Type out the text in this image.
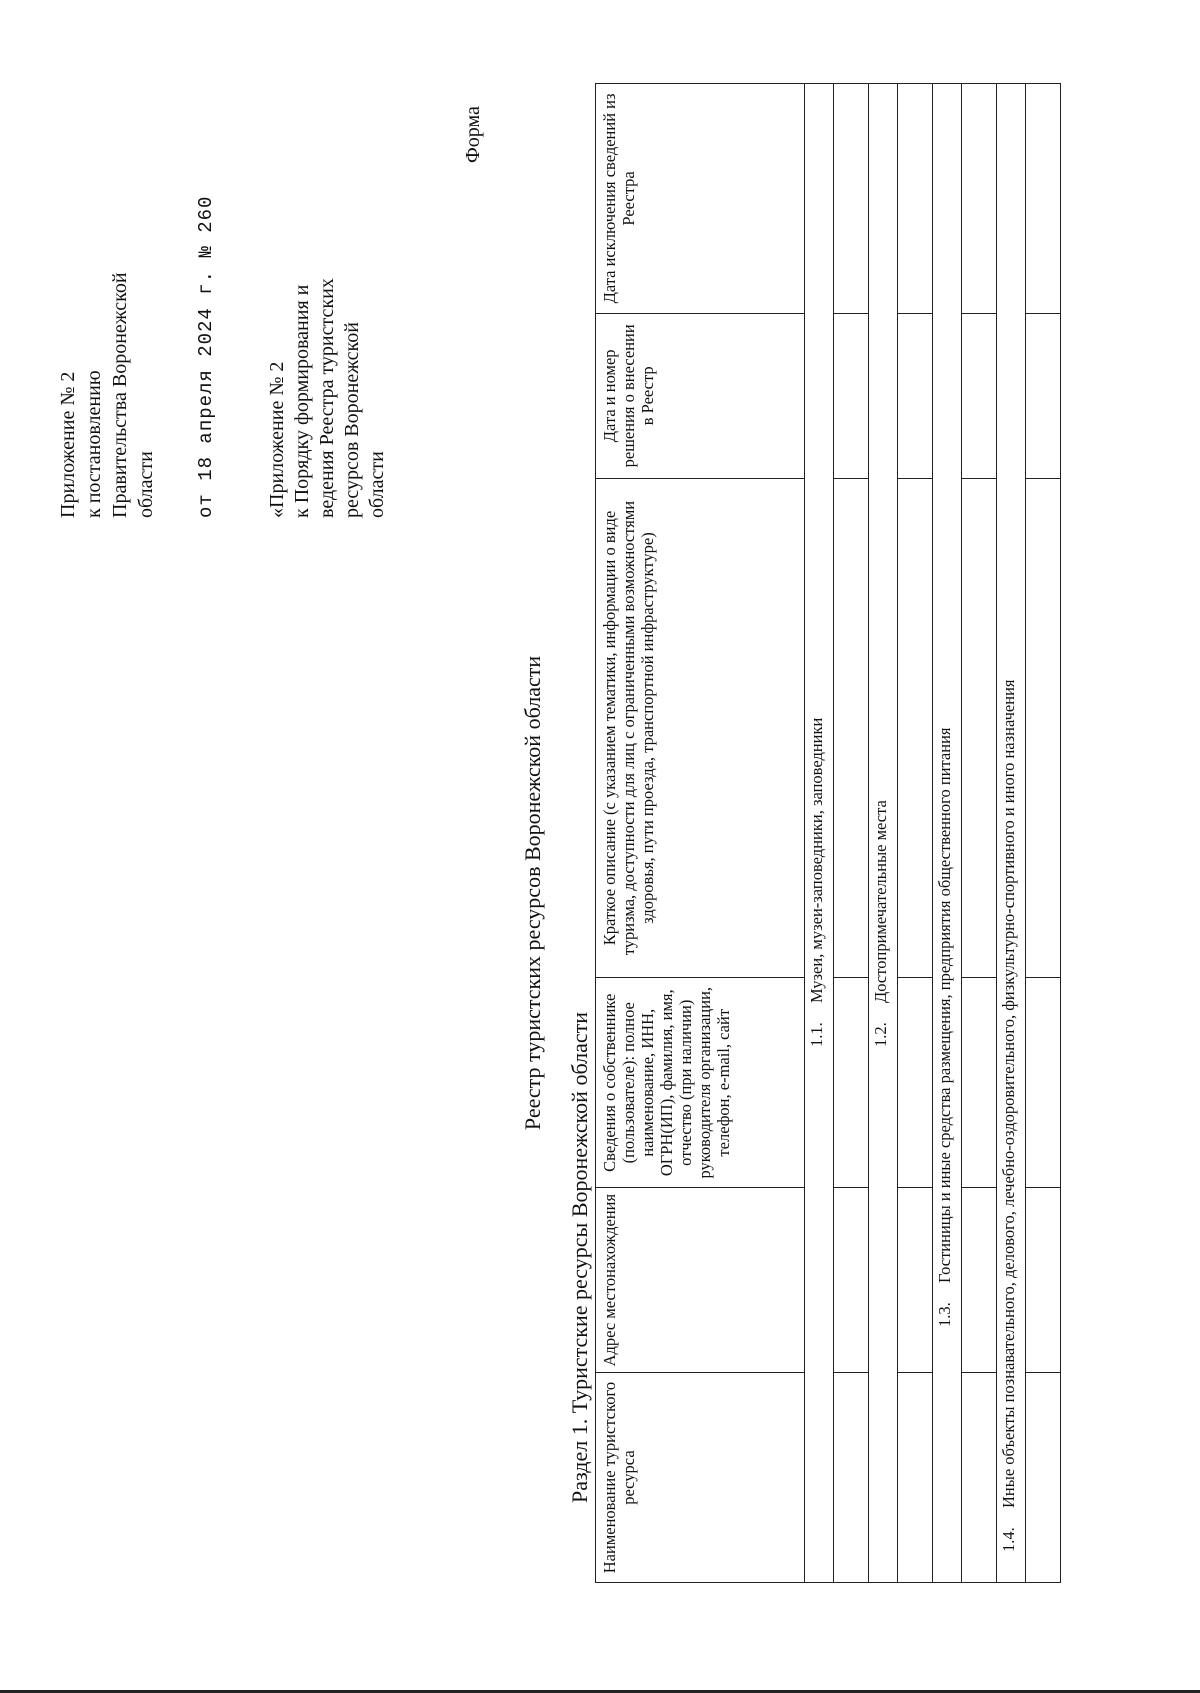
Приложение № 2 к постановлению Правительства Воронежской области от 18 апреля 2024 г. № 260 «Приложение № 2 к Порядку формирования и ведения Реестра туристских ресурсов Воронежской области
Форма
Реестр туристских ресурсов Воронежской области
Раздел 1. Туристские ресурсы Воронежской области Наименование туристского ресурса	Адрес местонахождения	Сведения о собственнике (пользователе): полное наименование, ИНН, ОГРН(ИП), фамилия, имя, отчество (при наличии) руководителя организации, телефон, e-mail, сайт	Краткое описание (с указанием тематики, информации о виде туризма, доступности для лиц с ограниченными возможностями здоровья, пути проезда, транспортной инфраструктуре)	Дата и номер решения о внесении в Реестр	Дата исключения сведений из Реестра
1.1.Музеи, музеи-заповедники, заповедники					

1.2.Достопримечательные места					

1.3.Гостиницы и иные средства размещения, предприятия общественного питания					

1.4.Иные объекты познавательного, делового, лечебно-оздоровительного, физкультурно-спортивного и иного назначения					
